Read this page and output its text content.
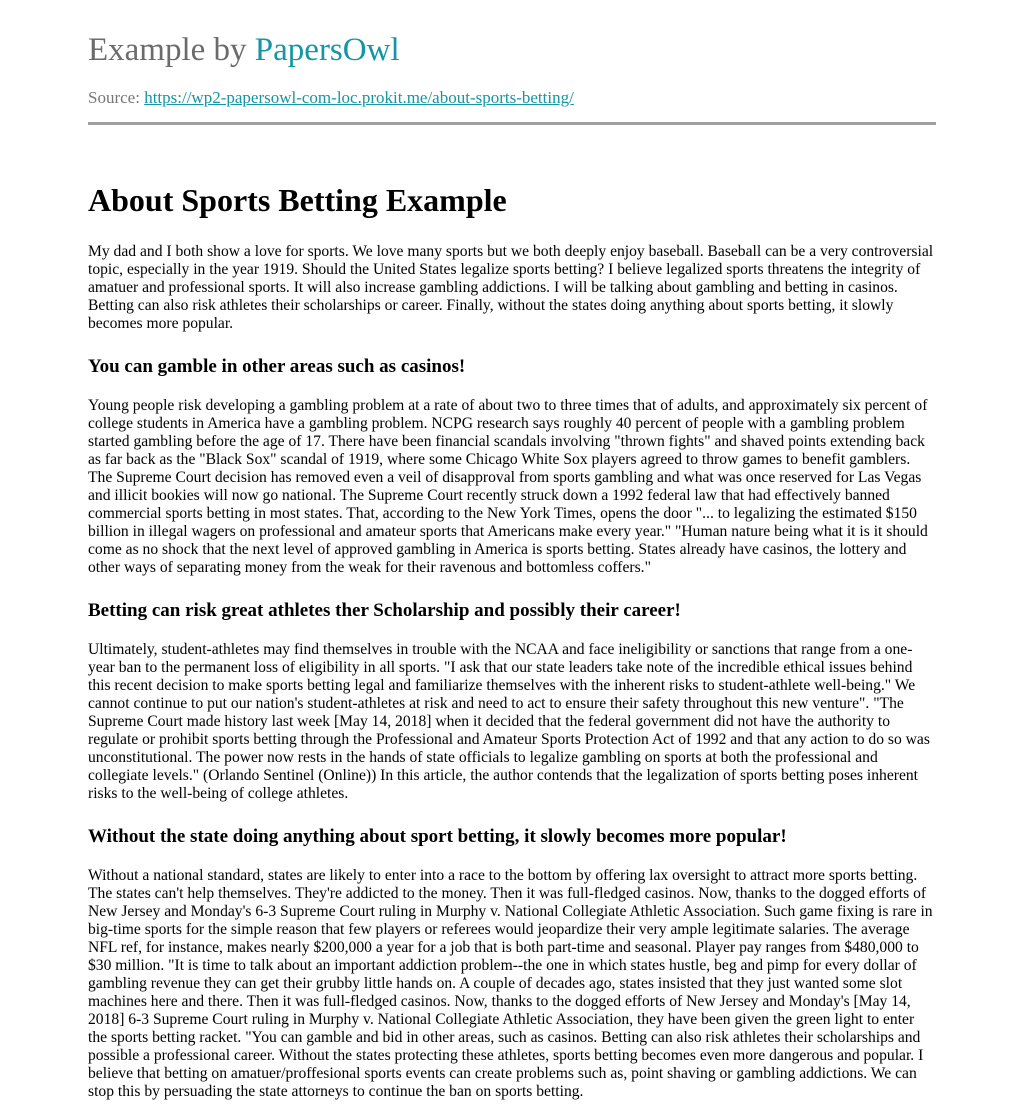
Example by PapersOwl
Source: https://wp2-papersowl-com-loc.prokit.me/about-sports-betting/
About Sports Betting Example

My dad and I both show a love for sports. We love many sports but we both deeply enjoy baseball. Baseball can be a very controversial topic, especially in the year 1919. Should the United States legalize sports betting? I believe legalized sports threatens the integrity of amatuer and professional sports. It will also increase gambling addictions. I will be talking about gambling and betting in casinos. Betting can also risk athletes their scholarships or career. Finally, without the states doing anything about sports betting, it slowly becomes more popular.

You can gamble in other areas such as casinos!

Young people risk developing a gambling problem at a rate of about two to three times that of adults, and approximately six percent of college students in America have a gambling problem. NCPG research says roughly 40 percent of people with a gambling problem started gambling before the age of 17. There have been financial scandals involving "thrown fights" and shaved points extending back as far back as the "Black Sox" scandal of 1919, where some Chicago White Sox players agreed to throw games to benefit gamblers. The Supreme Court decision has removed even a veil of disapproval from sports gambling and what was once reserved for Las Vegas and illicit bookies will now go national. The Supreme Court recently struck down a 1992 federal law that had effectively banned commercial sports betting in most states. That, according to the New York Times, opens the door "... to legalizing the estimated $150 billion in illegal wagers on professional and amateur sports that Americans make every year." "Human nature being what it is it should come as no shock that the next level of approved gambling in America is sports betting. States already have casinos, the lottery and other ways of separating money from the weak for their ravenous and bottomless coffers."

Betting can risk great athletes ther Scholarship and possibly their career!

Ultimately, student-athletes may find themselves in trouble with the NCAA and face ineligibility or sanctions that range from a one-year ban to the permanent loss of eligibility in all sports. "I ask that our state leaders take note of the incredible ethical issues behind this recent decision to make sports betting legal and familiarize themselves with the inherent risks to student-athlete well-being." We cannot continue to put our nation's student-athletes at risk and need to act to ensure their safety throughout this new venture". "The Supreme Court made history last week [May 14, 2018] when it decided that the federal government did not have the authority to regulate or prohibit sports betting through the Professional and Amateur Sports Protection Act of 1992 and that any action to do so was unconstitutional. The power now rests in the hands of state officials to legalize gambling on sports at both the professional and collegiate levels." (Orlando Sentinel (Online)) In this article, the author contends that the legalization of sports betting poses inherent risks to the well-being of college athletes.

Without the state doing anything about sport betting, it slowly becomes more popular!

Without a national standard, states are likely to enter into a race to the bottom by offering lax oversight to attract more sports betting. The states can't help themselves. They're addicted to the money. Then it was full-fledged casinos. Now, thanks to the dogged efforts of New Jersey and Monday's 6-3 Supreme Court ruling in Murphy v. National Collegiate Athletic Association. Such game fixing is rare in big-time sports for the simple reason that few players or referees would jeopardize their very ample legitimate salaries. The average NFL ref, for instance, makes nearly $200,000 a year for a job that is both part-time and seasonal. Player pay ranges from $480,000 to $30 million. "It is time to talk about an important addiction problem--the one in which states hustle, beg and pimp for every dollar of gambling revenue they can get their grubby little hands on. A couple of decades ago, states insisted that they just wanted some slot machines here and there. Then it was full-fledged casinos. Now, thanks to the dogged efforts of New Jersey and Monday's [May 14, 2018] 6-3 Supreme Court ruling in Murphy v. National Collegiate Athletic Association, they have been given the green light to enter the sports betting racket. "You can gamble and bid in other areas, such as casinos. Betting can also risk athletes their scholarships and possible a professional career. Without the states protecting these athletes, sports betting becomes even more dangerous and popular. I believe that betting on amatuer/proffesional sports events can create problems such as, point shaving or gambling addictions. We can stop this by persuading the state attorneys to continue the ban on sports betting.
